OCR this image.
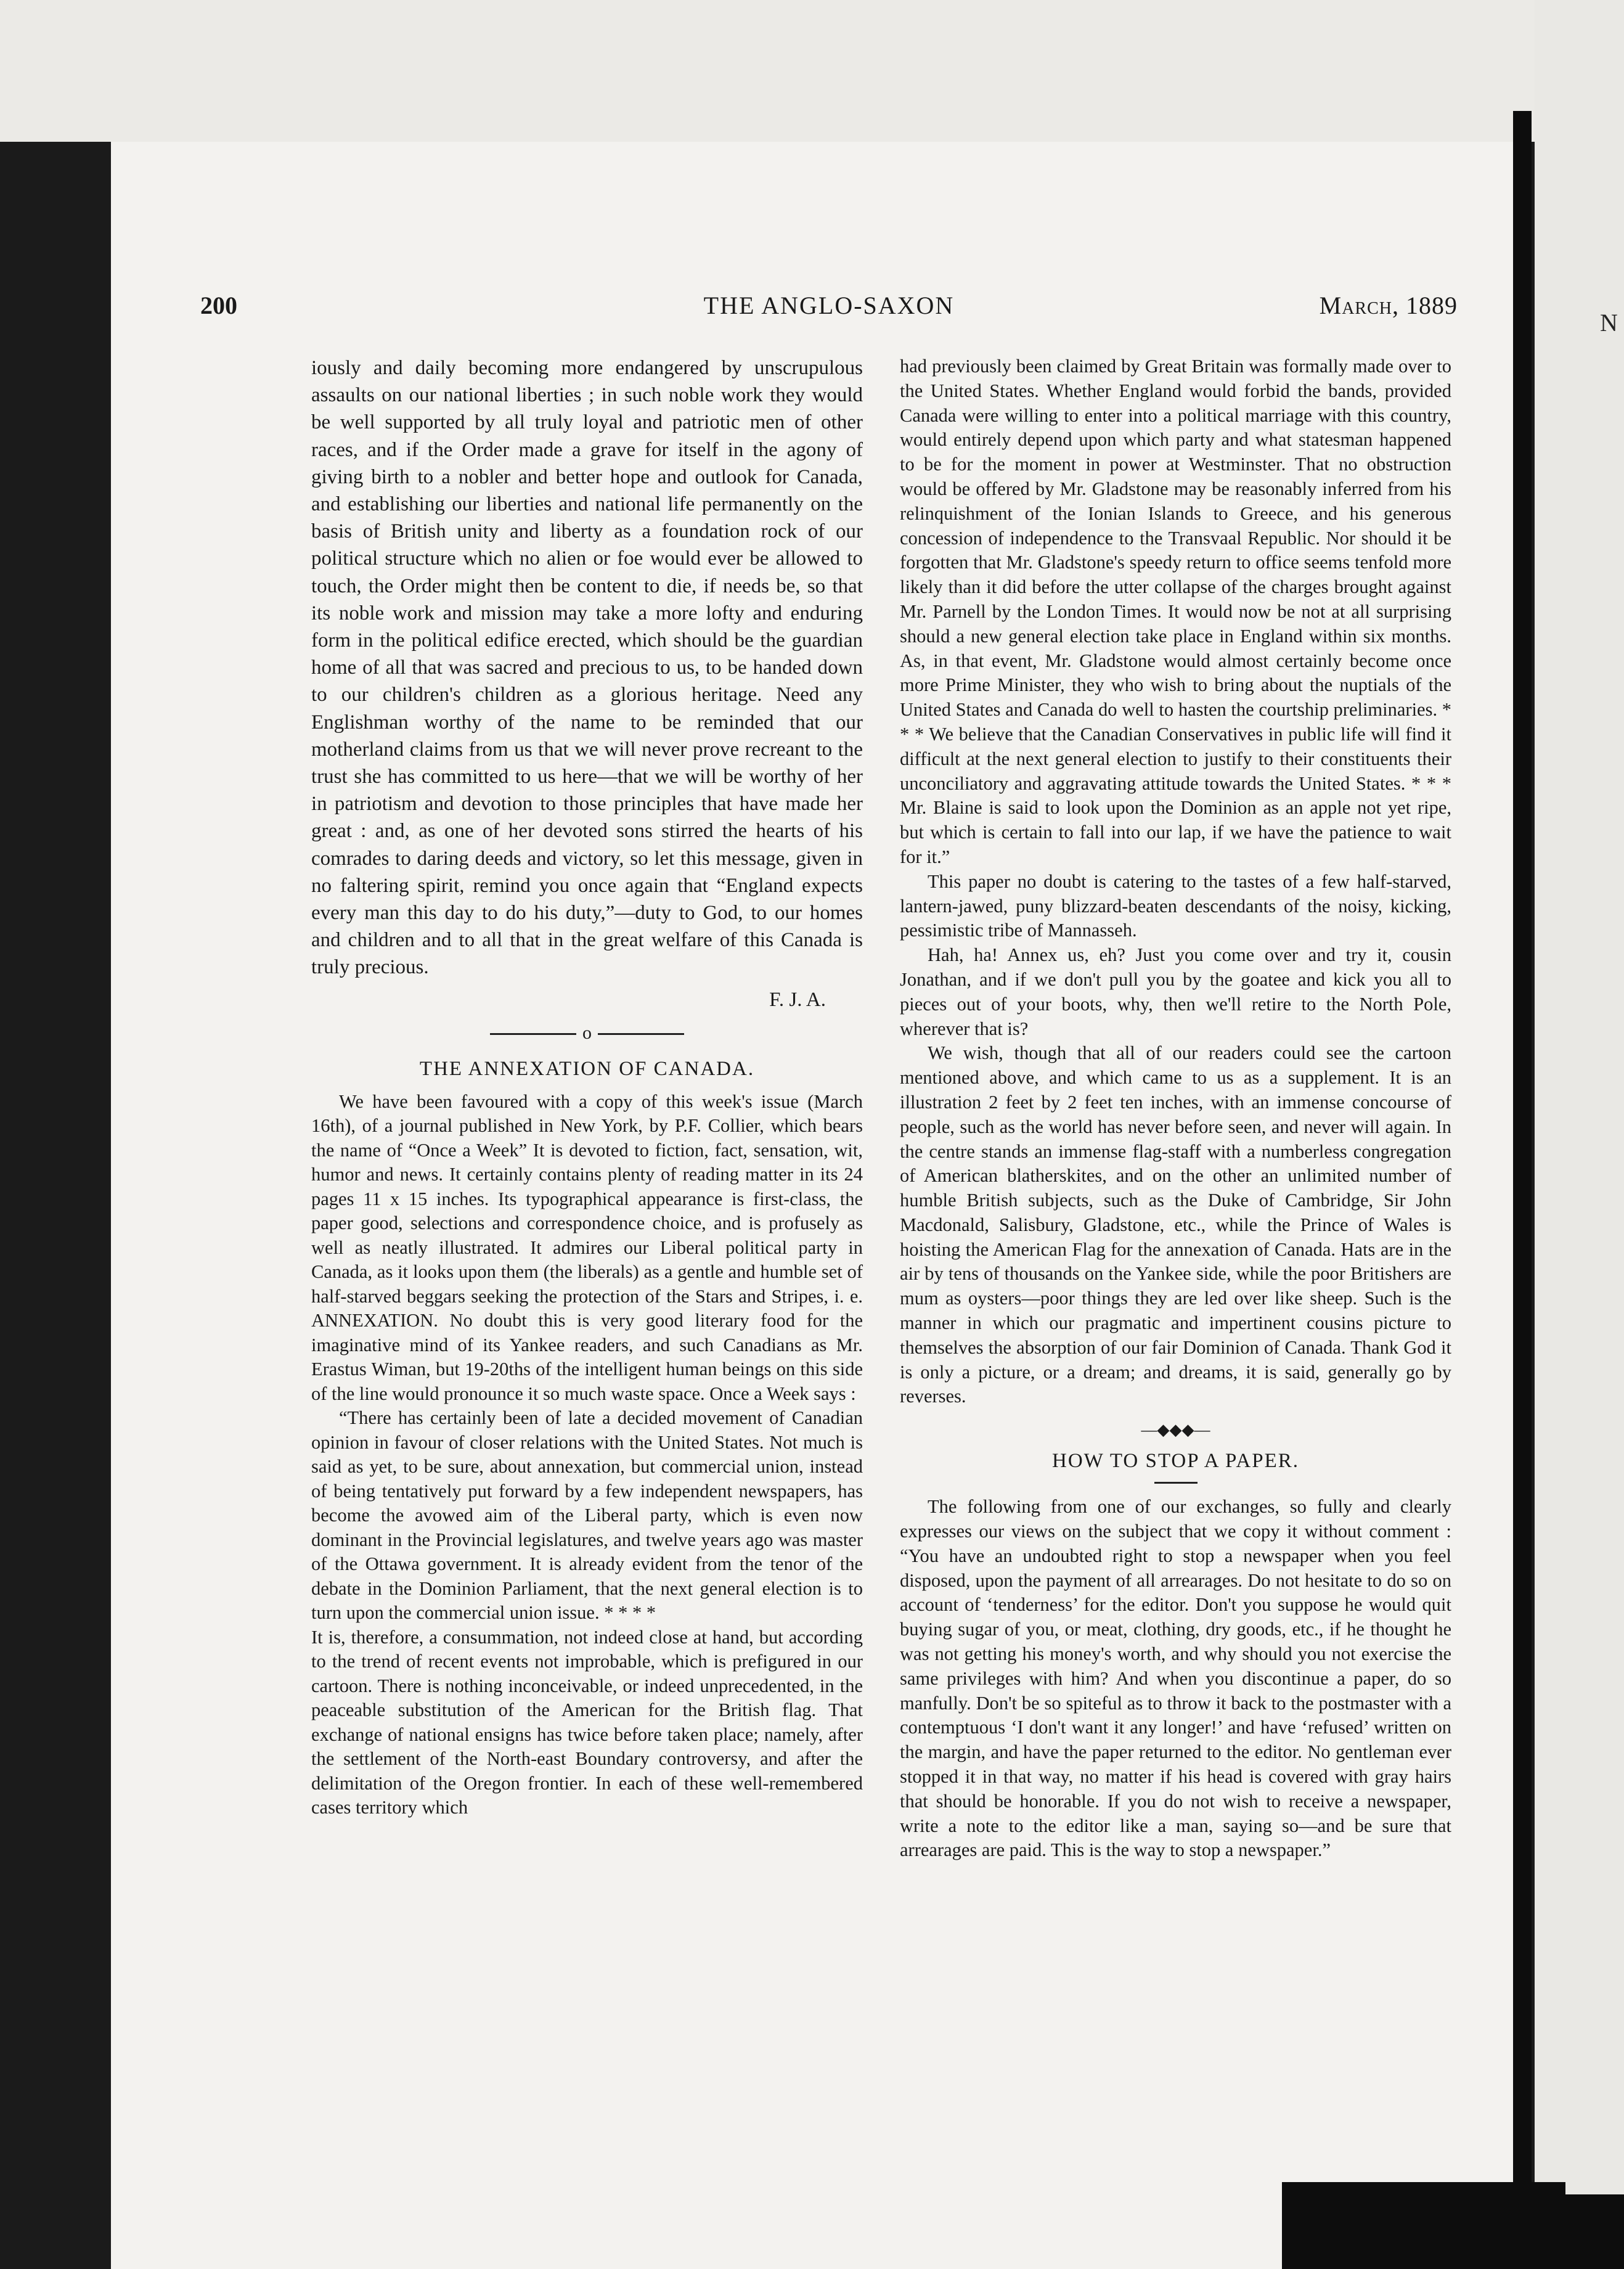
N
200	THE ANGLO-SAXON	March, 1889

iously and daily becoming more endangered by unscrupulous assaults on our national liberties ; in such noble work they would be well supported by all truly loyal and patriotic men of other races, and if the Order made a grave for itself in the agony of giving birth to a nobler and better hope and outlook for Canada, and establishing our liberties and national life permanently on the basis of British unity and liberty as a foundation rock of our political structure which no alien or foe would ever be allowed to touch, the Order might then be content to die, if needs be, so that its noble work and mission may take a more lofty and enduring form in the political edifice erected, which should be the guardian home of all that was sacred and precious to us, to be handed down to our children's children as a glorious heritage. Need any Englishman worthy of the name to be reminded that our motherland claims from us that we will never prove recreant to the trust she has committed to us here—that we will be worthy of her in patriotism and devotion to those principles that have made her great : and, as one of her devoted sons stirred the hearts of his comrades to daring deeds and victory, so let this message, given in no faltering spirit, remind you once again that “England expects every man this day to do his duty,”—duty to God, to our homes and children and to all that in the great welfare of this Canada is truly precious.

F. J. A.
o
THE ANNEXATION OF CANADA.

We have been favoured with a copy of this week's issue (March 16th), of a journal published in New York, by P.F. Collier, which bears the name of “Once a Week” It is devoted to fiction, fact, sensation, wit, humor and news. It certainly contains plenty of reading matter in its 24 pages 11 x 15 inches. Its typographical appearance is first-class, the paper good, selections and correspondence choice, and is profusely as well as neatly illustrated. It admires our Liberal political party in Canada, as it looks upon them (the liberals) as a gentle and humble set of half-starved beggars seeking the protection of the Stars and Stripes, i. e. ANNEXATION. No doubt this is very good literary food for the imaginative mind of its Yankee readers, and such Canadians as Mr. Erastus Wiman, but 19-20ths of the intelligent human beings on this side of the line would pronounce it so much waste space. Once a Week says :

“There has certainly been of late a decided movement of Canadian opinion in favour of closer relations with the United States. Not much is said as yet, to be sure, about annexation, but commercial union, instead of being tentatively put forward by a few independent newspapers, has become the avowed aim of the Liberal party, which is even now dominant in the Provincial legislatures, and twelve years ago was master of the Ottawa government. It is already evident from the tenor of the debate in the Dominion Parliament, that the next general election is to turn upon the commercial union issue. * * * *

It is, therefore, a consummation, not indeed close at hand, but according to the trend of recent events not improbable, which is prefigured in our cartoon. There is nothing inconceivable, or indeed unprecedented, in the peaceable substitution of the American for the British flag. That exchange of national ensigns has twice before taken place; namely, after the settlement of the North-east Boundary controversy, and after the delimitation of the Oregon frontier. In each of these well-remembered cases territory which

had previously been claimed by Great Britain was formally made over to the United States. Whether England would forbid the bands, provided Canada were willing to enter into a political marriage with this country, would entirely depend upon which party and what statesman happened to be for the moment in power at Westminster. That no obstruction would be offered by Mr. Gladstone may be reasonably inferred from his relinquishment of the Ionian Islands to Greece, and his generous concession of independence to the Transvaal Republic. Nor should it be forgotten that Mr. Gladstone's speedy return to office seems tenfold more likely than it did before the utter collapse of the charges brought against Mr. Parnell by the London Times. It would now be not at all surprising should a new general election take place in England within six months. As, in that event, Mr. Gladstone would almost certainly become once more Prime Minister, they who wish to bring about the nuptials of the United States and Canada do well to hasten the courtship preliminaries. * * * We believe that the Canadian Conservatives in public life will find it difficult at the next general election to justify to their constituents their unconciliatory and aggravating attitude towards the United States. * * * Mr. Blaine is said to look upon the Dominion as an apple not yet ripe, but which is certain to fall into our lap, if we have the patience to wait for it.”

This paper no doubt is catering to the tastes of a few half-starved, lantern-jawed, puny blizzard-beaten descendants of the noisy, kicking, pessimistic tribe of Mannasseh.

Hah, ha! Annex us, eh? Just you come over and try it, cousin Jonathan, and if we don't pull you by the goatee and kick you all to pieces out of your boots, why, then we'll retire to the North Pole, wherever that is?

We wish, though that all of our readers could see the cartoon mentioned above, and which came to us as a supplement. It is an illustration 2 feet by 2 feet ten inches, with an immense concourse of people, such as the world has never before seen, and never will again. In the centre stands an immense flag-staff with a numberless congregation of American blatherskites, and on the other an unlimited number of humble British subjects, such as the Duke of Cambridge, Sir John Macdonald, Salisbury, Gladstone, etc., while the Prince of Wales is hoisting the American Flag for the annexation of Canada. Hats are in the air by tens of thousands on the Yankee side, while the poor Britishers are mum as oysters—poor things they are led over like sheep. Such is the manner in which our pragmatic and impertinent cousins picture to themselves the absorption of our fair Dominion of Canada. Thank God it is only a picture, or a dream; and dreams, it is said, generally go by reverses.

—◆◆◆—
HOW TO STOP A PAPER.

The following from one of our exchanges, so fully and clearly expresses our views on the subject that we copy it without comment : “You have an undoubted right to stop a newspaper when you feel disposed, upon the payment of all arrearages. Do not hesitate to do so on account of ‘tenderness’ for the editor. Don't you suppose he would quit buying sugar of you, or meat, clothing, dry goods, etc., if he thought he was not getting his money's worth, and why should you not exercise the same privileges with him? And when you discontinue a paper, do so manfully. Don't be so spiteful as to throw it back to the postmaster with a contemptuous ‘I don't want it any longer!’ and have ‘refused’ written on the margin, and have the paper returned to the editor. No gentleman ever stopped it in that way, no matter if his head is covered with gray hairs that should be honorable. If you do not wish to receive a newspaper, write a note to the editor like a man, saying so—and be sure that arrearages are paid. This is the way to stop a newspaper.”
